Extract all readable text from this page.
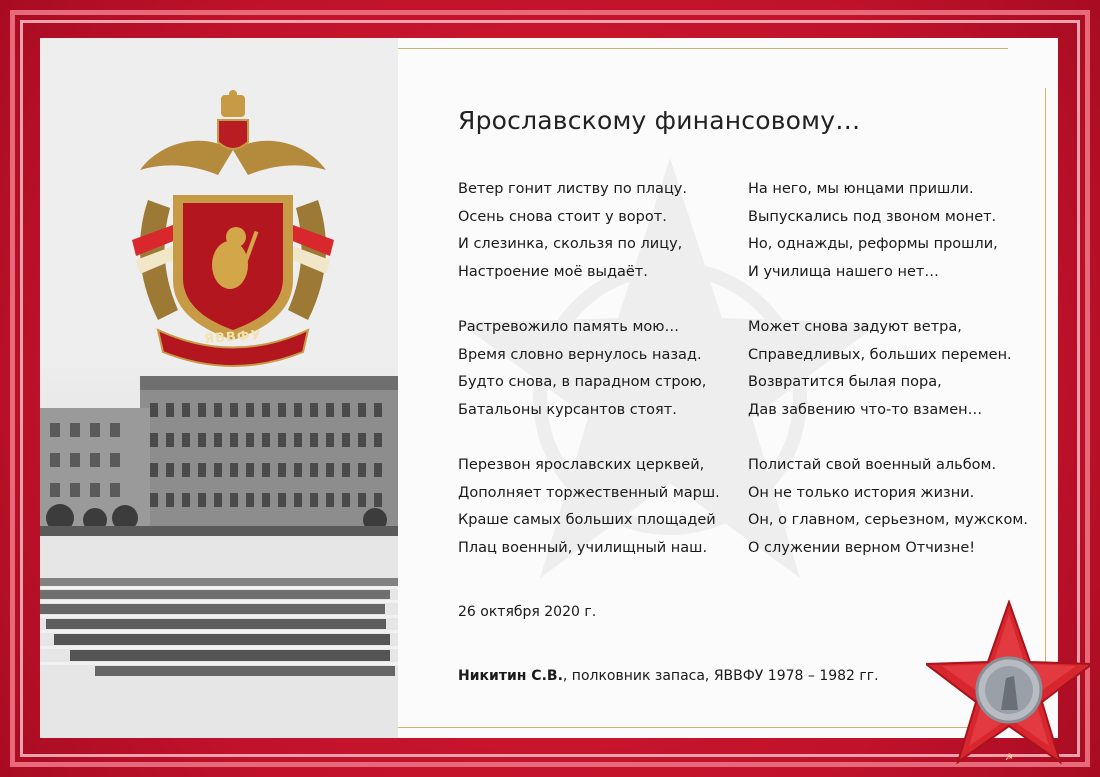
ЯВВФУ
Ярославскому финансовому…
Ветер гонит листву по плацу.
Осень снова стоит у ворот.
И слезинка, скользя по лицу,
Настроение моё выдаёт.
Растревожило память мою…
Время словно вернулось назад.
Будто снова, в парадном строю,
Батальоны курсантов стоят.
Перезвон ярославских церквей,
Дополняет торжественный марш.
Краше самых больших площадей
Плац военный, училищный наш.
На него, мы юнцами пришли.
Выпускались под звоном монет.
Но, однажды, реформы прошли,
И училища нашего нет…
Может снова задуют ветра,
Справедливых, больших перемен.
Возвратится былая пора,
Дав забвению что-то взамен…
Полистай свой военный альбом.
Он не только история жизни.
Он, о главном, серьезном, мужском.
О служении верном Отчизне!
26 октября 2020 г.
Никитин С.В., полковник запаса, ЯВВФУ 1978 – 1982 гг.
☭
